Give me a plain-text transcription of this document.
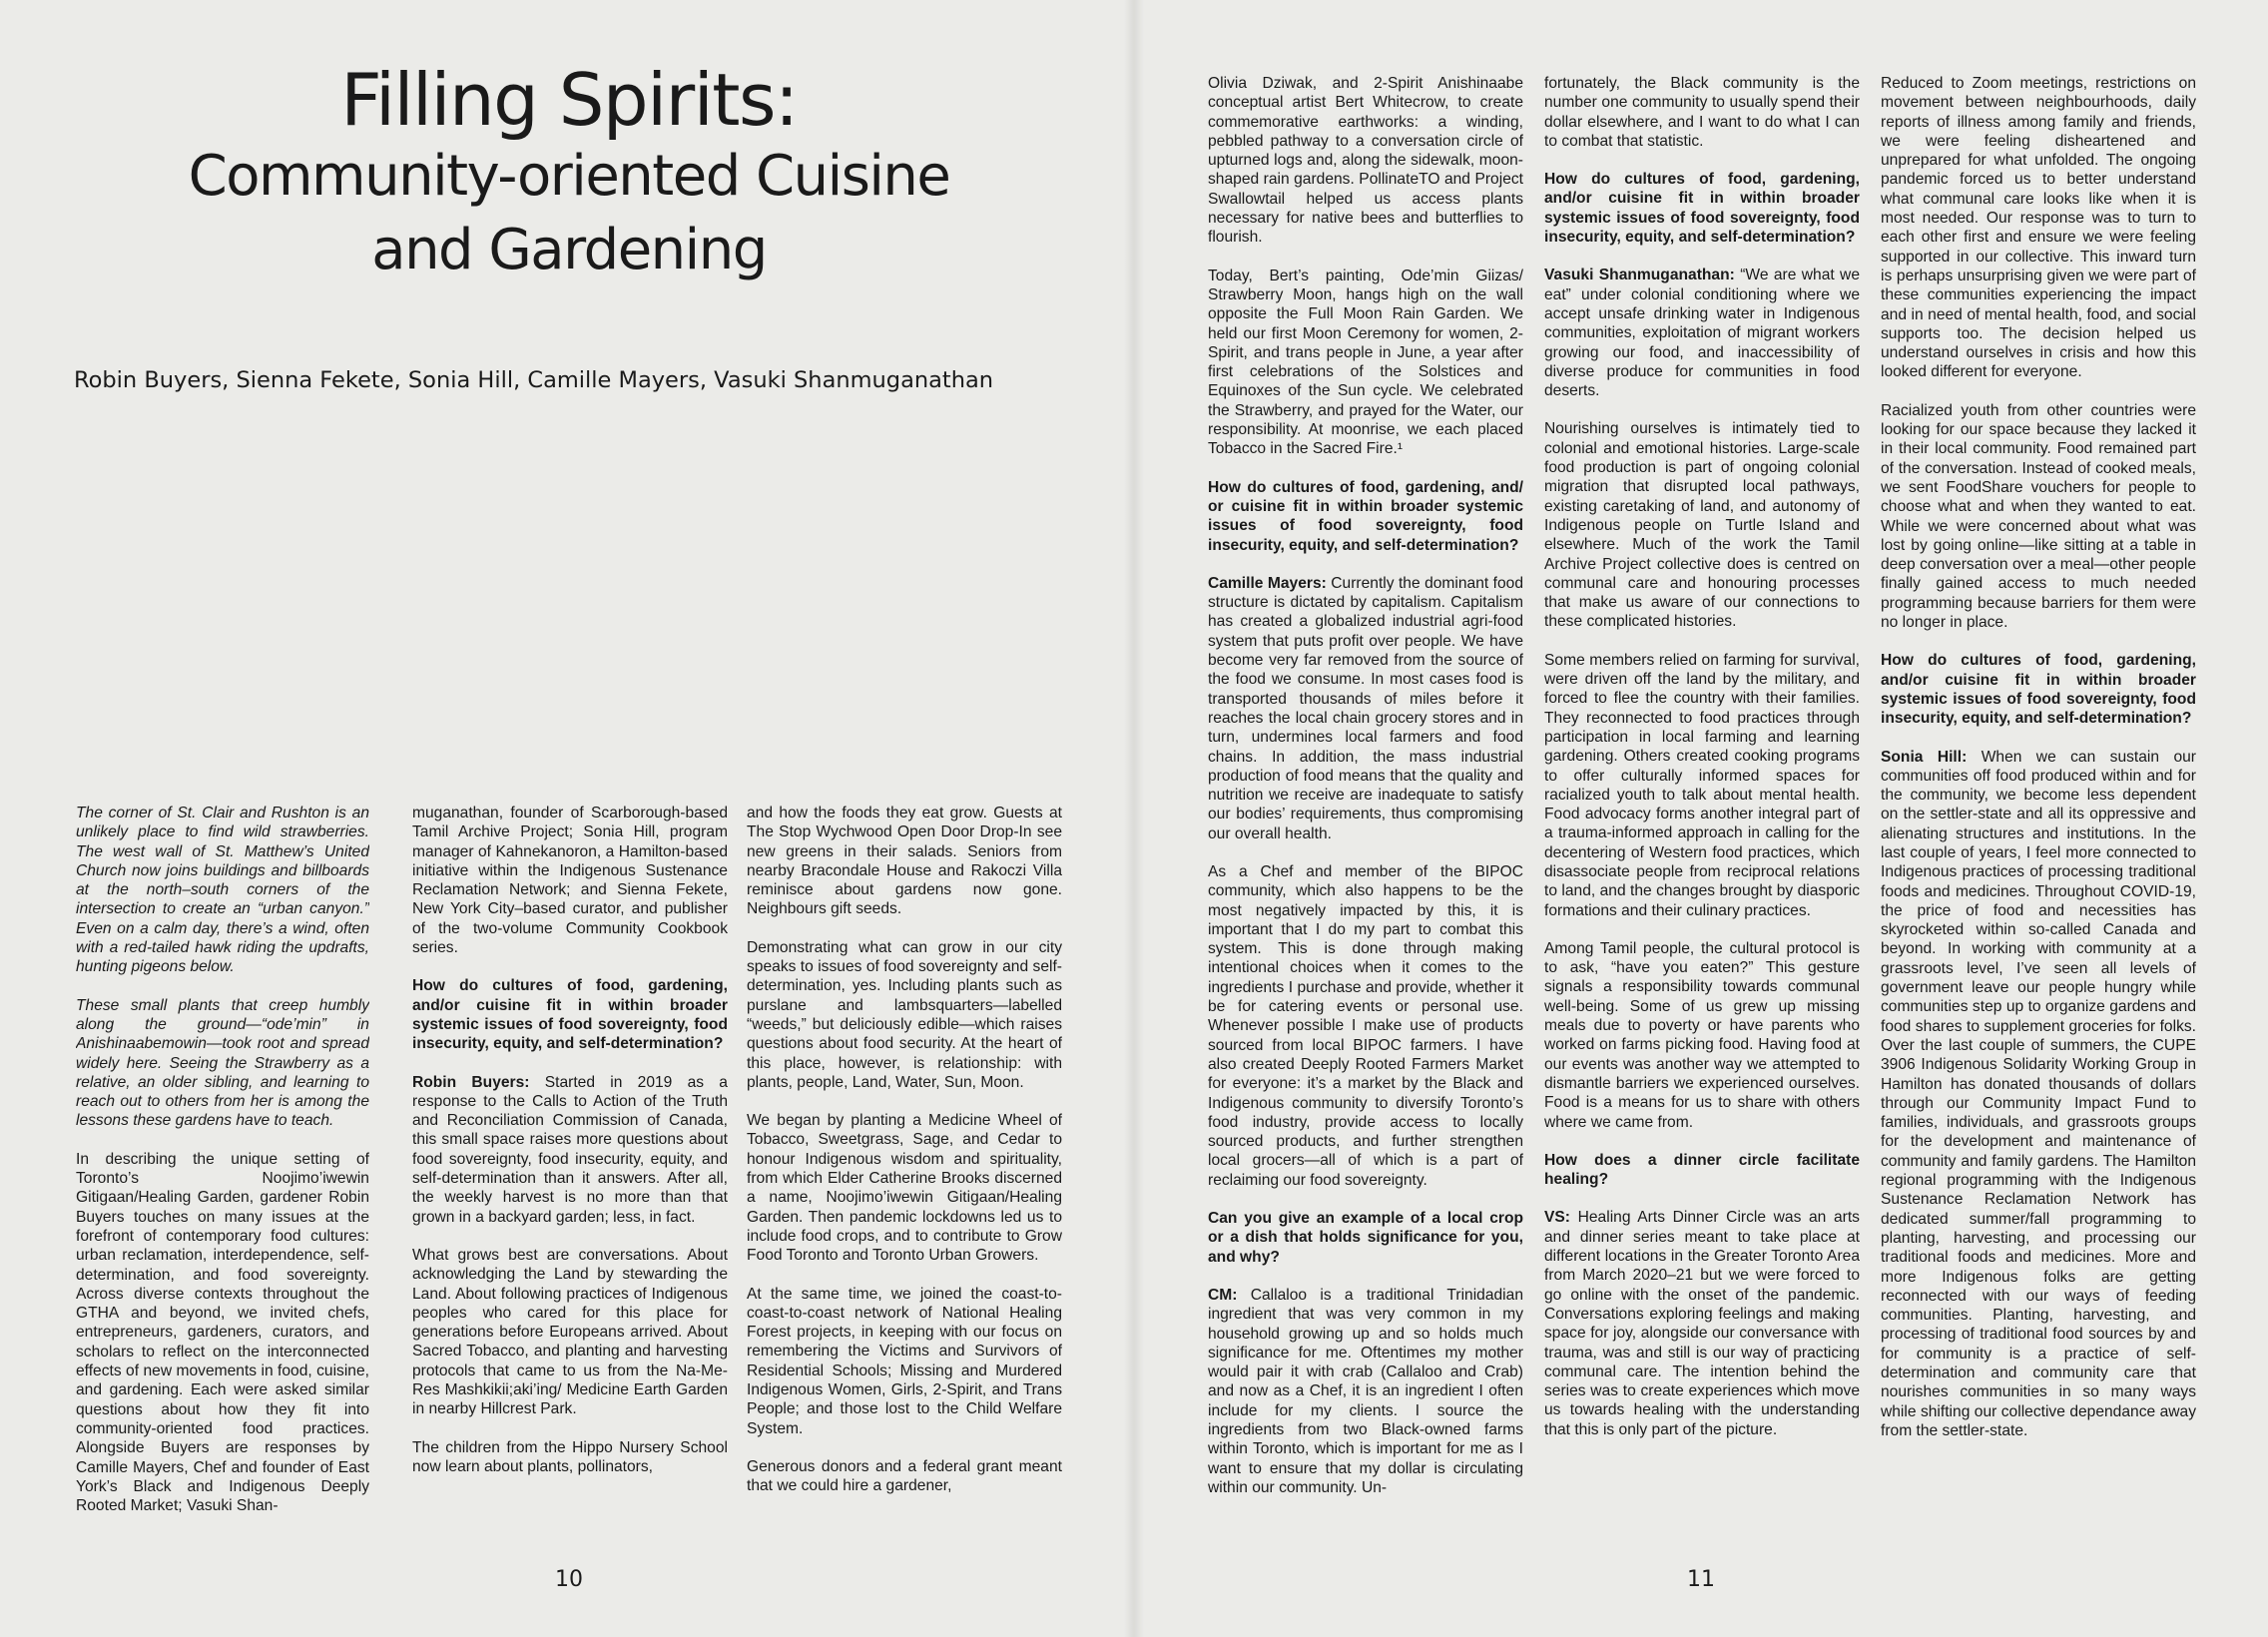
Filling Spirits:
Community-oriented Cuisine
and Gardening
Robin Buyers, Sienna Fekete, Sonia Hill, Camille Mayers, Vasuki Shanmuganathan

The corner of St. Clair and Rushton is an unlikely place to find wild strawberries. The west wall of St. Matthew’s United Church now joins buildings and billboards at the north–south corners of the intersection to create an “urban canyon.” Even on a calm day, there’s a wind, often with a red-tailed hawk riding the updrafts, hunting pigeons below.

These small plants that creep humbly along the ground—“ode’min” in Anishinaabemowin—took root and spread widely here. Seeing the Strawberry as a relative, an older sibling, and learning to reach out to others from her is among the lessons these gardens have to teach.

In describing the unique setting of Toronto’s Noojimo’iwewin Gitigaan/Healing Garden, gardener Robin Buyers touches on many issues at the forefront of contemporary food cultures: urban reclamation, interdependence, self-determination, and food sovereignty. Across diverse contexts throughout the GTHA and beyond, we invited chefs, entrepreneurs, gardeners, curators, and scholars to reflect on the interconnected effects of new movements in food, cuisine, and gardening. Each were asked similar questions about how they fit into community-oriented food practices. Alongside Buyers are responses by Camille Mayers, Chef and founder of East York’s Black and Indigenous Deeply Rooted Market; Vasuki Shan-

muganathan, founder of Scarborough-based Tamil Archive Project; Sonia Hill, program manager of Kahnekanoron, a Hamilton-based initiative within the Indigenous Sustenance Reclamation Network; and Sienna Fekete, New York City–based curator, and publisher of the two-volume Community Cookbook series.

How do cultures of food, gardening, and/or cuisine fit in within broader systemic issues of food sovereignty, food insecurity, equity, and self-determination?

Robin Buyers: Started in 2019 as a response to the Calls to Action of the Truth and Reconciliation Commission of Canada, this small space raises more questions about food sovereignty, food insecurity, equity, and self-determination than it answers. After all, the weekly harvest is no more than that grown in a backyard garden; less, in fact.

What grows best are conversations. About acknowledging the Land by stewarding the Land. About following practices of Indigenous peoples who cared for this place for generations before Europeans arrived. About Sacred Tobacco, and planting and harvesting protocols that came to us from the Na-Me-Res Mashkikii;aki’ing/ Medicine Earth Garden in nearby Hillcrest Park.

The children from the Hippo Nursery School now learn about plants, pollinators,

and how the foods they eat grow. Guests at The Stop Wychwood Open Door Drop-In see new greens in their salads. Seniors from nearby Bracondale House and Rakoczi Villa reminisce about gardens now gone. Neighbours gift seeds.

Demonstrating what can grow in our city speaks to issues of food sovereignty and self-determination, yes. Including plants such as purslane and lambsquarters—labelled “weeds,” but deliciously edible—which raises questions about food security. At the heart of this place, however, is relationship: with plants, people, Land, Water, Sun, Moon.

We began by planting a Medicine Wheel of Tobacco, Sweetgrass, Sage, and Cedar to honour Indigenous wisdom and spirituality, from which Elder Catherine Brooks discerned a name, Noojimo’iwewin Gitigaan/Healing Garden. Then pandemic lockdowns led us to include food crops, and to contribute to Grow Food Toronto and Toronto Urban Growers.

At the same time, we joined the coast-to-coast-to-coast network of National Healing Forest projects, in keeping with our focus on remembering the Victims and Survivors of Residential Schools; Missing and Murdered Indigenous Women, Girls, 2-Spirit, and Trans People; and those lost to the Child Welfare System.

Generous donors and a federal grant meant that we could hire a gardener,

Olivia Dziwak, and 2-Spirit Anishinaabe conceptual artist Bert Whitecrow, to create commemorative earthworks: a winding, pebbled pathway to a conversation circle of upturned logs and, along the sidewalk, moon-shaped rain gardens. PollinateTO and Project Swallowtail helped us access plants necessary for native bees and butterflies to flourish.

Today, Bert’s painting, Ode’min Giizas/ Strawberry Moon, hangs high on the wall opposite the Full Moon Rain Garden. We held our first Moon Ceremony for women, 2-Spirit, and trans people in June, a year after first celebrations of the Solstices and Equinoxes of the Sun cycle. We celebrated the Strawberry, and prayed for the Water, our responsibility. At moonrise, we each placed Tobacco in the Sacred Fire.¹

How do cultures of food, gardening, and/ or cuisine fit in within broader systemic issues of food sovereignty, food insecurity, equity, and self-determination?

Camille Mayers: Currently the dominant food structure is dictated by capitalism. Capitalism has created a globalized industrial agri-food system that puts profit over people. We have become very far removed from the source of the food we consume. In most cases food is transported thousands of miles before it reaches the local chain grocery stores and in turn, undermines local farmers and food chains. In addition, the mass industrial production of food means that the quality and nutrition we receive are inadequate to satisfy our bodies’ requirements, thus compromising our overall health.

As a Chef and member of the BIPOC community, which also happens to be the most negatively impacted by this, it is important that I do my part to combat this system. This is done through making intentional choices when it comes to the ingredients I purchase and provide, whether it be for catering events or personal use. Whenever possible I make use of products sourced from local BIPOC farmers. I have also created Deeply Rooted Farmers Market for everyone: it’s a market by the Black and Indigenous community to diversify Toronto’s food industry, provide access to locally sourced products, and further strengthen local grocers—all of which is a part of reclaiming our food sovereignty.

Can you give an example of a local crop or a dish that holds significance for you, and why?

CM: Callaloo is a traditional Trinidadian ingredient that was very common in my household growing up and so holds much significance for me. Oftentimes my mother would pair it with crab (Callaloo and Crab) and now as a Chef, it is an ingredient I often include for my clients. I source the ingredients from two Black-owned farms within Toronto, which is important for me as I want to ensure that my dollar is circulating within our community. Un-

fortunately, the Black community is the number one community to usually spend their dollar elsewhere, and I want to do what I can to combat that statistic.

How do cultures of food, gardening, and/or cuisine fit in within broader systemic issues of food sovereignty, food insecurity, equity, and self-determination?

Vasuki Shanmuganathan: “We are what we eat” under colonial conditioning where we accept unsafe drinking water in Indigenous communities, exploitation of migrant workers growing our food, and inaccessibility of diverse produce for communities in food deserts.

Nourishing ourselves is intimately tied to colonial and emotional histories. Large-scale food production is part of ongoing colonial migration that disrupted local pathways, existing caretaking of land, and autonomy of Indigenous people on Turtle Island and elsewhere. Much of the work the Tamil Archive Project collective does is centred on communal care and honouring processes that make us aware of our connections to these complicated histories.

Some members relied on farming for survival, were driven off the land by the military, and forced to flee the country with their families. They reconnected to food practices through participation in local farming and learning gardening. Others created cooking programs to offer culturally informed spaces for racialized youth to talk about mental health. Food advocacy forms another integral part of a trauma-informed approach in calling for the decentering of Western food practices, which disassociate people from reciprocal relations to land, and the changes brought by diasporic formations and their culinary practices.

Among Tamil people, the cultural protocol is to ask, “have you eaten?” This gesture signals a responsibility towards communal well-being. Some of us grew up missing meals due to poverty or have parents who worked on farms picking food. Having food at our events was another way we attempted to dismantle barriers we experienced ourselves. Food is a means for us to share with others where we came from.

How does a dinner circle facilitate healing?

VS: Healing Arts Dinner Circle was an arts and dinner series meant to take place at different locations in the Greater Toronto Area from March 2020–21 but we were forced to go online with the onset of the pandemic. Conversations exploring feelings and making space for joy, alongside our conversance with trauma, was and still is our way of practicing communal care. The intention behind the series was to create experiences which move us towards healing with the understanding that this is only part of the picture.

Reduced to Zoom meetings, restrictions on movement between neighbourhoods, daily reports of illness among family and friends, we were feeling disheartened and unprepared for what unfolded. The ongoing pandemic forced us to better understand what communal care looks like when it is most needed. Our response was to turn to each other first and ensure we were feeling supported in our collective. This inward turn is perhaps unsurprising given we were part of these communities experiencing the impact and in need of mental health, food, and social supports too. The decision helped us understand ourselves in crisis and how this looked different for everyone.

Racialized youth from other countries were looking for our space because they lacked it in their local community. Food remained part of the conversation. Instead of cooked meals, we sent FoodShare vouchers for people to choose what and when they wanted to eat. While we were concerned about what was lost by going online—like sitting at a table in deep conversation over a meal—other people finally gained access to much needed programming because barriers for them were no longer in place.

How do cultures of food, gardening, and/or cuisine fit in within broader systemic issues of food sovereignty, food insecurity, equity, and self-determination?

Sonia Hill: When we can sustain our communities off food produced within and for the community, we become less dependent on the settler-state and all its oppressive and alienating structures and institutions. In the last couple of years, I feel more connected to Indigenous practices of processing traditional foods and medicines. Throughout COVID-19, the price of food and necessities has skyrocketed within so-called Canada and beyond. In working with community at a grassroots level, I’ve seen all levels of government leave our people hungry while communities step up to organize gardens and food shares to supplement groceries for folks. Over the last couple of summers, the CUPE 3906 Indigenous Solidarity Working Group in Hamilton has donated thousands of dollars through our Community Impact Fund to families, individuals, and grassroots groups for the development and maintenance of community and family gardens. The Hamilton regional programming with the Indigenous Sustenance Reclamation Network has dedicated summer/fall programming to planting, harvesting, and processing our traditional foods and medicines. More and more Indigenous folks are getting reconnected with our ways of feeding communities. Planting, harvesting, and processing of traditional food sources by and for community is a practice of self-determination and community care that nourishes communities in so many ways while shifting our collective dependance away from the settler-state.

10	11
